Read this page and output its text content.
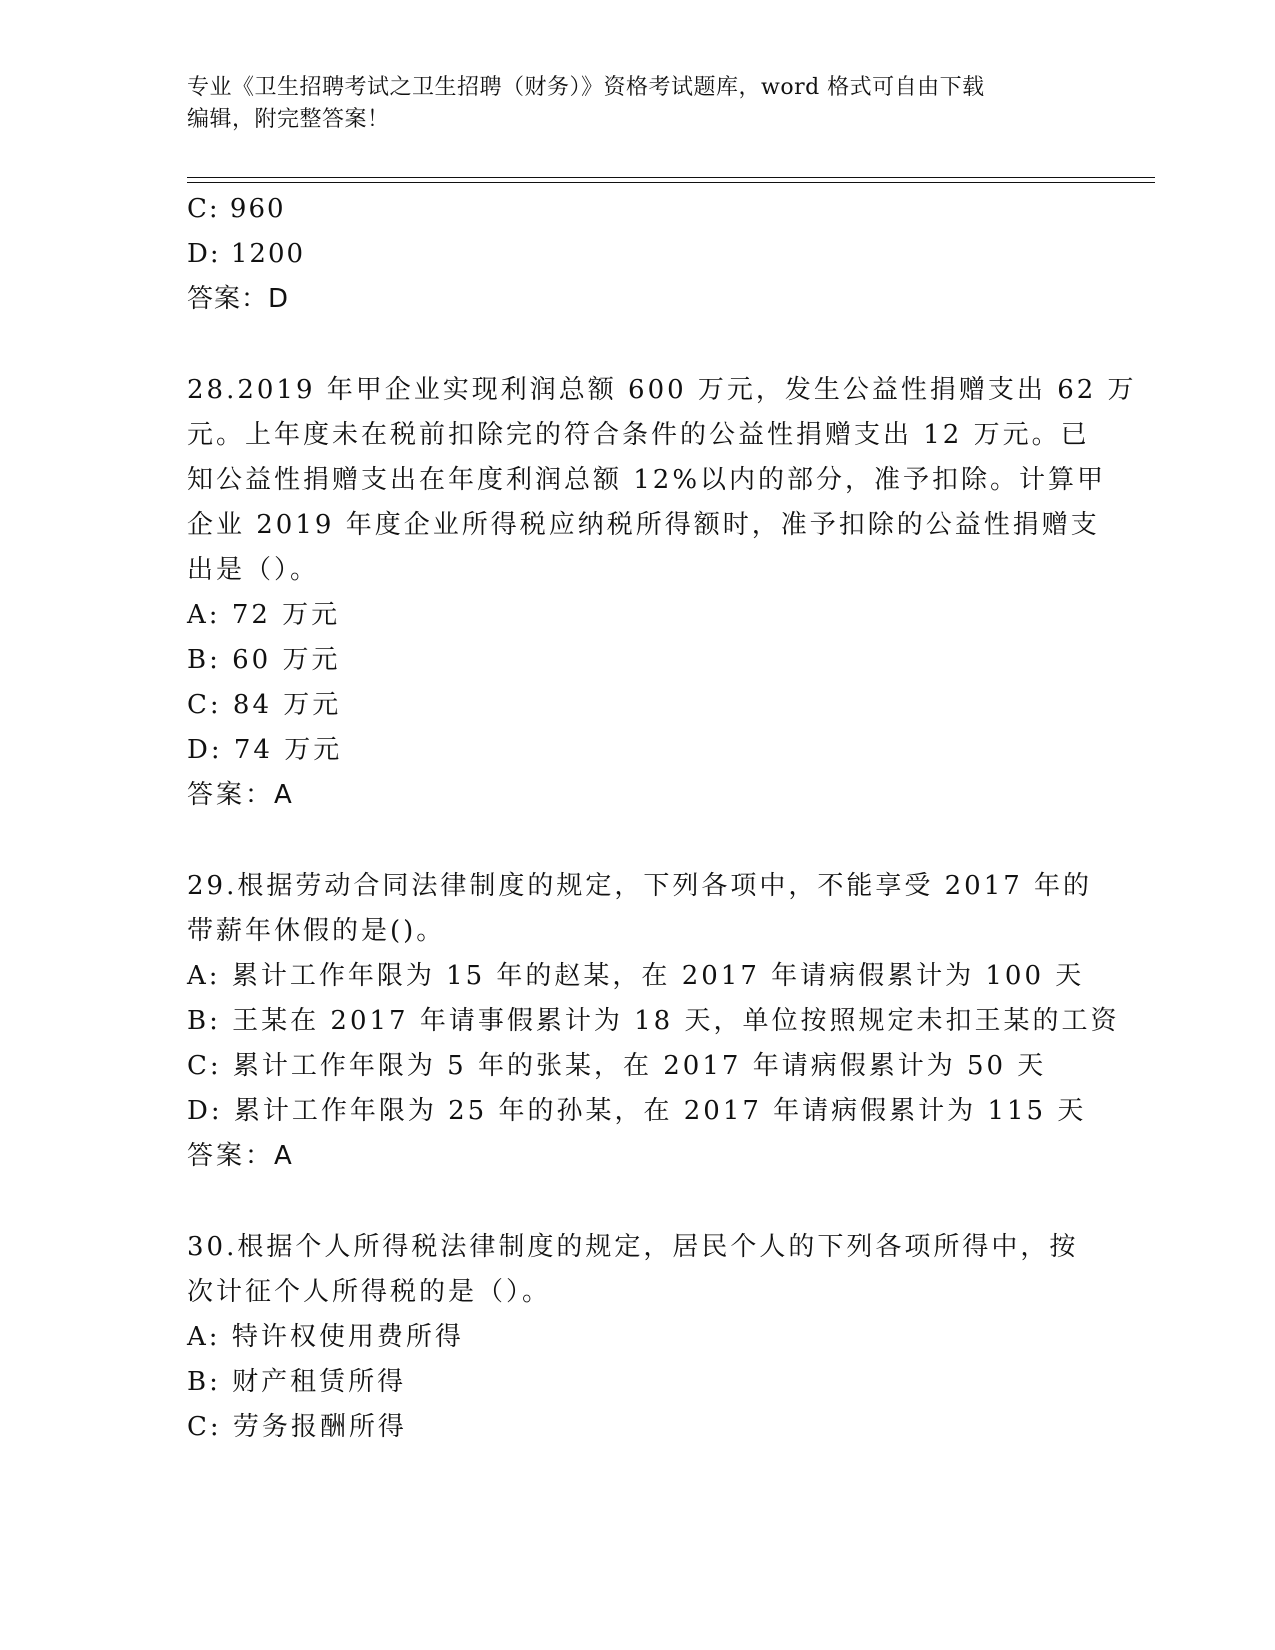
专业《卫生招聘考试之卫生招聘（财务）》资格考试题库，word 格式可自由下载
编辑，附完整答案！
C: 960
D: 1200
答案：D
28.2019 年甲企业实现利润总额 600 万元，发生公益性捐赠支出 62 万
元。上年度未在税前扣除完的符合条件的公益性捐赠支出 12 万元。已
知公益性捐赠支出在年度利润总额 12%以内的部分，准予扣除。计算甲
企业 2019 年度企业所得税应纳税所得额时，准予扣除的公益性捐赠支
出是（）。
A: 72 万元
B: 60 万元
C: 84 万元
D: 74 万元
答案：A
29.根据劳动合同法律制度的规定，下列各项中，不能享受 2017 年的
带薪年休假的是()。
A: 累计工作年限为 15 年的赵某，在 2017 年请病假累计为 100 天
B: 王某在 2017 年请事假累计为 18 天，单位按照规定未扣王某的工资
C: 累计工作年限为 5 年的张某，在 2017 年请病假累计为 50 天
D: 累计工作年限为 25 年的孙某，在 2017 年请病假累计为 115 天
答案：A
30.根据个人所得税法律制度的规定，居民个人的下列各项所得中，按
次计征个人所得税的是（）。
A: 特许权使用费所得
B: 财产租赁所得
C: 劳务报酬所得
